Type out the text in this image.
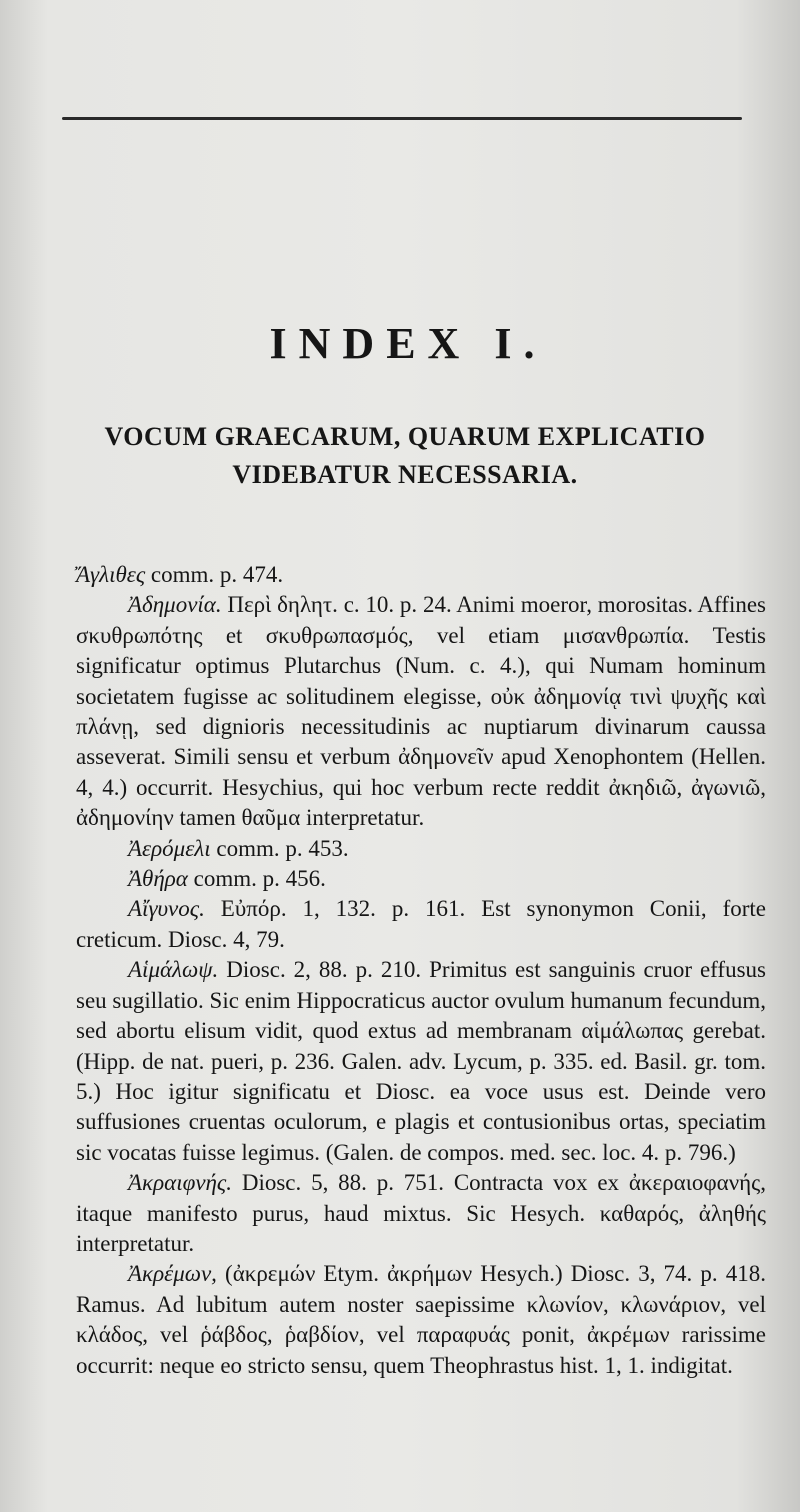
INDEX I.
VOCUM GRAECARUM, QUARUM EXPLICATIO VIDEBATUR NECESSARIA.

Ἄγλιθες comm. p. 474.

Ἀδημονία. Περὶ δηλητ. c. 10. p. 24. Animi moeror, morositas. Affines σκυθρωπότης et σκυθρωπασμός, vel etiam μισανθρωπία. Testis significatur optimus Plutarchus (Num. c. 4.), qui Numam hominum societatem fugisse ac solitudinem elegisse, οὐκ ἀδημονίᾳ τινὶ ψυχῆς καὶ πλάνῃ, sed dignioris necessitudinis ac nuptiarum divinarum caussa asseverat. Simili sensu et verbum ἀδημονεῖν apud Xenophontem (Hellen. 4, 4.) occurrit. Hesychius, qui hoc verbum recte reddit ἀκηδιῶ, ἀγωνιῶ, ἀδημονίην tamen θαῦμα interpretatur.

Ἀερόμελι comm. p. 453.

Ἀθήρα comm. p. 456.

Αἴγυνος. Εὐπόρ. 1, 132. p. 161. Est synonymon Conii, forte creticum. Diosc. 4, 79.

Αἱμάλωψ. Diosc. 2, 88. p. 210. Primitus est sanguinis cruor effusus seu sugillatio. Sic enim Hippocraticus auctor ovulum humanum fecundum, sed abortu elisum vidit, quod extus ad membranam αἱμάλωπας gerebat. (Hipp. de nat. pueri, p. 236. Galen. adv. Lycum, p. 335. ed. Basil. gr. tom. 5.) Hoc igitur significatu et Diosc. ea voce usus est. Deinde vero suffusiones cruentas oculorum, e plagis et contusionibus ortas, speciatim sic vocatas fuisse legimus. (Galen. de compos. med. sec. loc. 4. p. 796.)

Ἀκραιφνής. Diosc. 5, 88. p. 751. Contracta vox ex ἀκεραιοφανής, itaque manifesto purus, haud mixtus. Sic Hesych. καθαρός, ἀληθής interpretatur.

Ἀκρέμων, (ἀκρεμών Etym. ἀκρήμων Hesych.) Diosc. 3, 74. p. 418. Ramus. Ad lubitum autem noster saepissime κλωνίον, κλωνάριον, vel κλάδος, vel ῥάβδος, ῥαβδίον, vel παραφυάς ponit, ἀκρέμων rarissime occurrit: neque eo stricto sensu, quem Theophrastus hist. 1, 1. indigitat.
